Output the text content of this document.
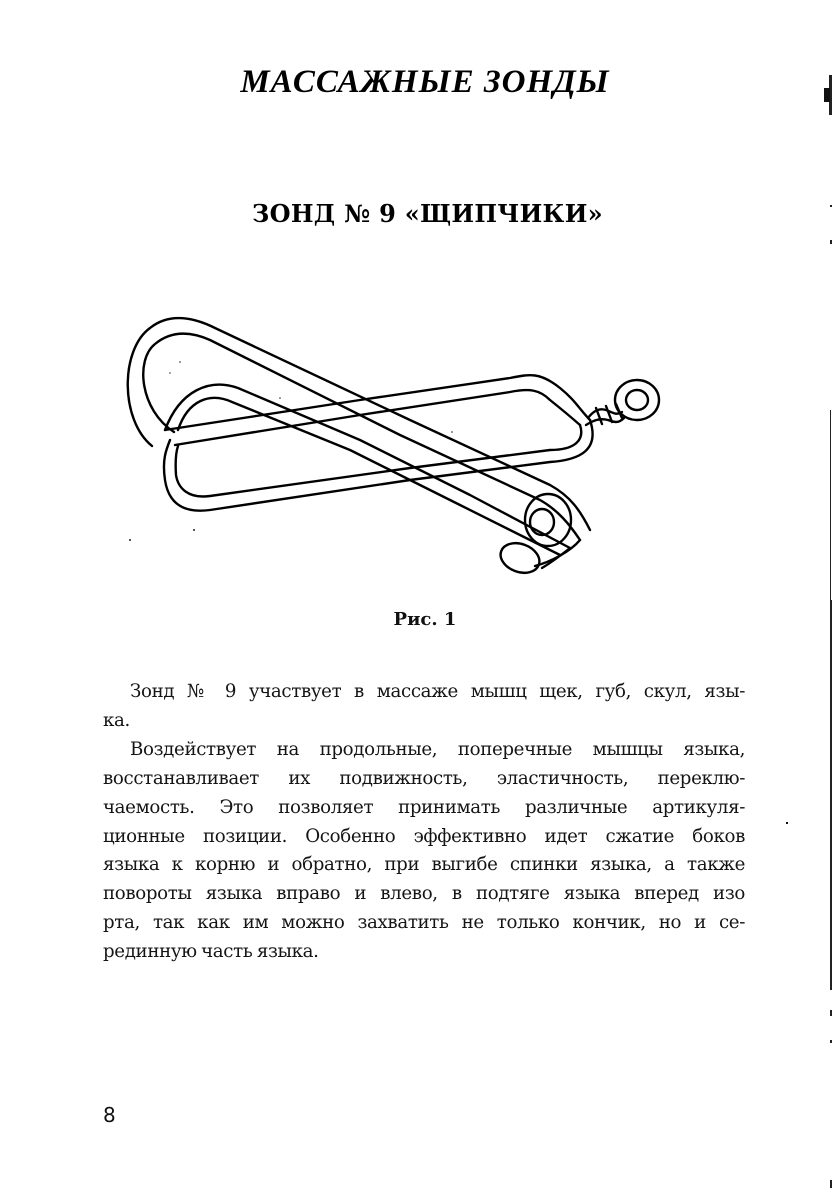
МАССАЖНЫЕ ЗОНДЫ
ЗОНД № 9 «ЩИПЧИКИ»
Рис. 1
Зонд № 9 участвует в массаже мышц щек, губ, скул, язы-
ка.
Воздействует на продольные, поперечные мышцы языка,
восстанавливает их подвижность, эластичность, переклю-
чаемость. Это позволяет принимать различные артикуля-
ционные позиции. Особенно эффективно идет сжатие боков
языка к корню и обратно, при выгибе спинки языка, а также
повороты языка вправо и влево, в подтяге языка вперед изо
рта, так как им можно захватить не только кончик, но и се-
рединную часть языка.
8
